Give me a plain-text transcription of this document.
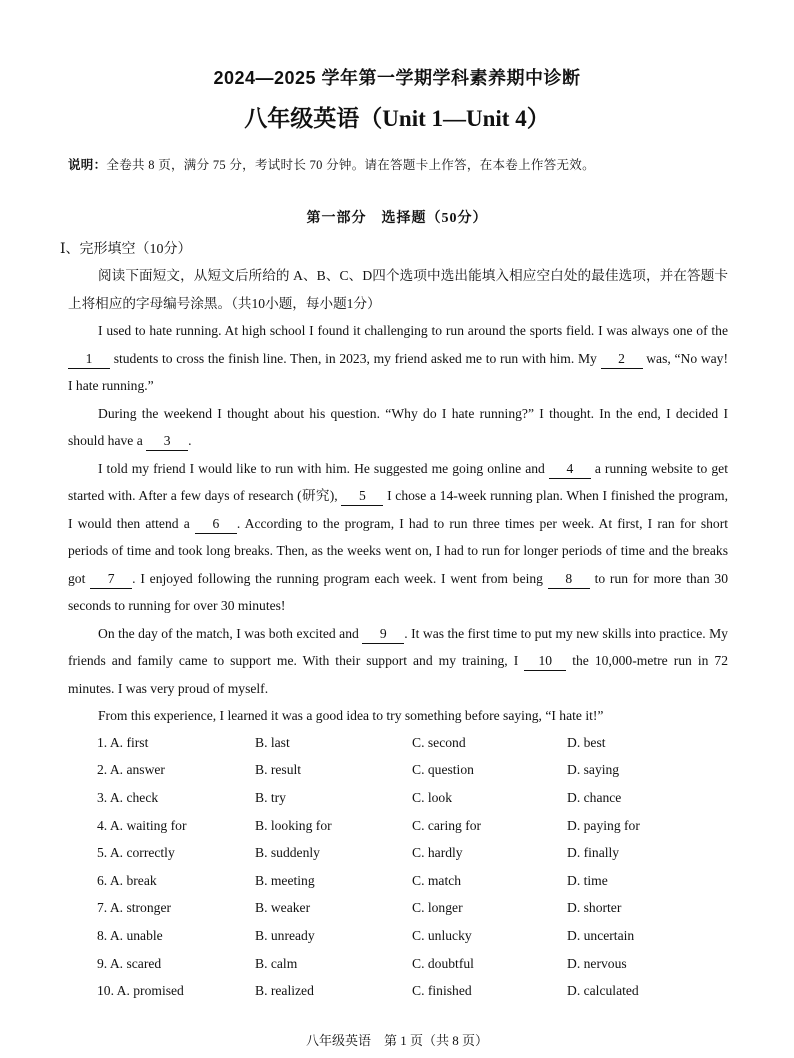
2024—2025 学年第一学期学科素养期中诊断
八年级英语（Unit 1—Unit 4）
说明：全卷共 8 页，满分 75 分，考试时长 70 分钟。请在答题卡上作答，在本卷上作答无效。
第一部分　选择题（50分）
Ⅰ、完形填空（10分）

阅读下面短文，从短文后所给的 A、B、C、D四个选项中选出能填入相应空白处的最佳选项，并在答题卡上将相应的字母编号涂黑。（共10小题，每小题1分）

I used to hate running. At high school I found it challenging to run around the sports field. I was always one of the 1 students to cross the finish line. Then, in 2023, my friend asked me to run with him. My 2 was, “No way! I hate running.”

During the weekend I thought about his question. “Why do I hate running?” I thought. In the end, I decided I should have a 3 .

I told my friend I would like to run with him. He suggested me going online and 4 a running website to get started with. After a few days of research (研究), 5 I chose a 14-week running plan. When I finished the program, I would then attend a 6 . According to the program, I had to run three times per week. At first, I ran for short periods of time and took long breaks. Then, as the weeks went on, I had to run for longer periods of time and the breaks got 7 . I enjoyed following the running program each week. I went from being 8 to run for more than 30 seconds to running for over 30 minutes!

On the day of the match, I was both excited and 9 . It was the first time to put my new skills into practice. My friends and family came to support me. With their support and my training, I 10 the 10,000-metre run in 72 minutes. I was very proud of myself.

From this experience, I learned it was a good idea to try something before saying, “I hate it!”

1. A. first	B. last	C. second	D. best
2. A. answer	B. result	C. question	D. saying
3. A. check	B. try	C. look	D. chance
4. A. waiting for	B. looking for	C. caring for	D. paying for
5. A. correctly	B. suddenly	C. hardly	D. finally
6. A. break	B. meeting	C. match	D. time
7. A. stronger	B. weaker	C. longer	D. shorter
8. A. unable	B. unready	C. unlucky	D. uncertain
9. A. scared	B. calm	C. doubtful	D. nervous
10. A. promised	B. realized	C. finished	D. calculated
八年级英语　第 1 页（共 8 页）
